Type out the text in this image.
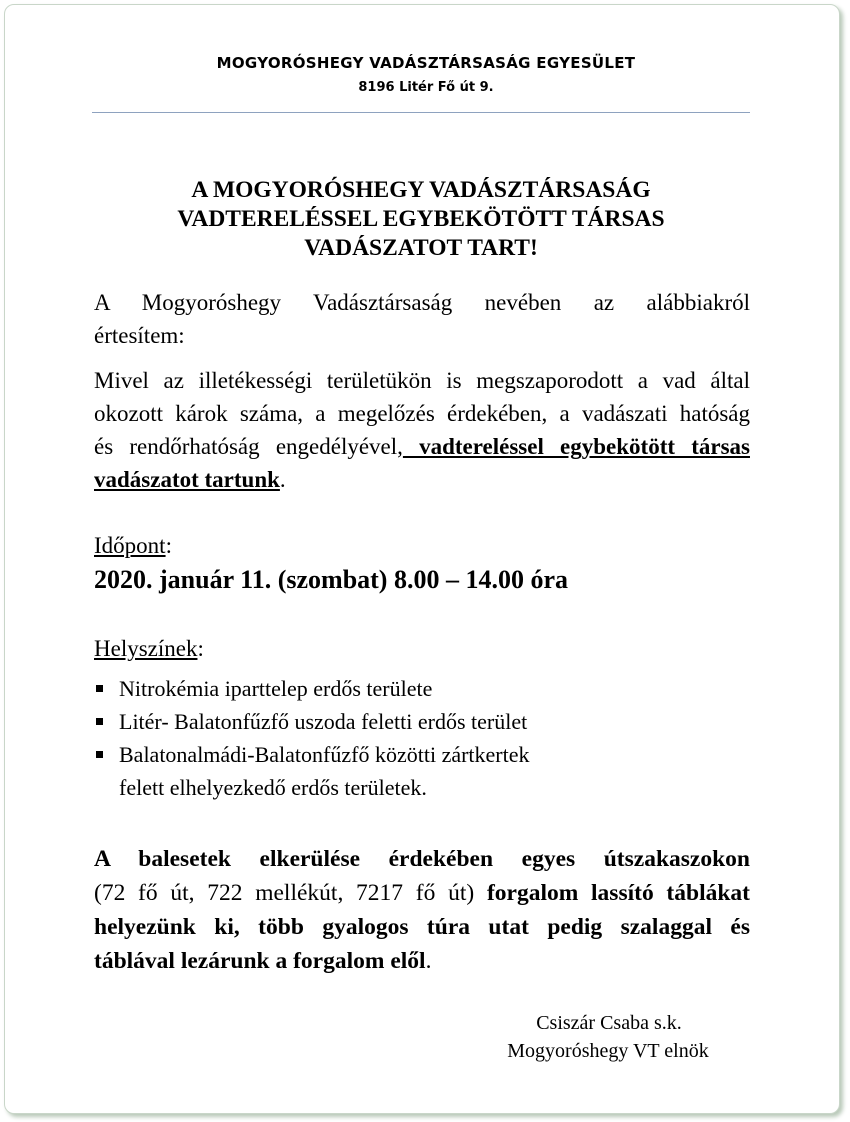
MOGYORÓSHEGY VADÁSZTÁRSASÁG EGYESÜLET
8196 Litér Fő út 9.
A MOGYORÓSHEGY VADÁSZTÁRSASÁG
VADTERELÉSSEL EGYBEKÖTÖTT TÁRSAS
VADÁSZATOT TART!
A Mogyoróshegy Vadásztársaság nevében az alábbiakról
értesítem:
Mivel az illetékességi területükön is megszaporodott a vad által
okozott károk száma, a megelőzés érdekében, a vadászati hatóság
és rendőrhatóság engedélyével, vadtereléssel egybekötött társas
vadászatot tartunk.
Időpont:
2020. január 11. (szombat) 8.00 – 14.00 óra
Helyszínek:
Nitrokémia iparttelep erdős területe
Litér- Balatonfűzfő uszoda feletti erdős terület
Balatonalmádi-Balatonfűzfő közötti zártkertek
felett elhelyezkedő erdős területek.
A balesetek elkerülése érdekében egyes útszakaszokon
(72 fő út, 722 mellékút, 7217 fő út) forgalom lassító táblákat
helyezünk ki, több gyalogos túra utat pedig szalaggal és
táblával lezárunk a forgalom elől.
Csiszár Csaba s.k.
Mogyoróshegy VT elnök
